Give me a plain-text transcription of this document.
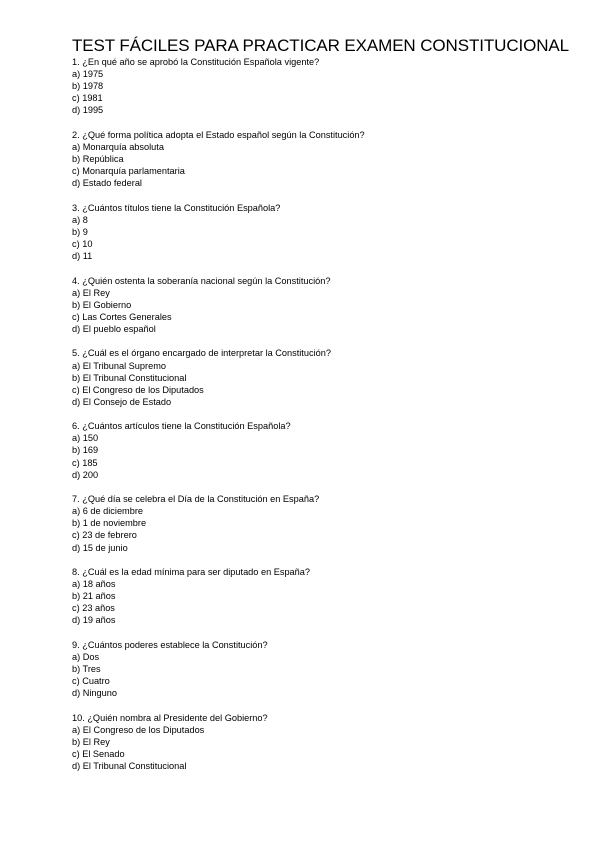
TEST FÁCILES PARA PRACTICAR EXAMEN CONSTITUCIONAL
1. ¿En qué año se aprobó la Constitución Española vigente?
a) 1975
b) 1978
c) 1981
d) 1995
2. ¿Qué forma política adopta el Estado español según la Constitución?
a) Monarquía absoluta
b) República
c) Monarquía parlamentaria
d) Estado federal
3. ¿Cuántos títulos tiene la Constitución Española?
a) 8
b) 9
c) 10
d) 11
4. ¿Quién ostenta la soberanía nacional según la Constitución?
a) El Rey
b) El Gobierno
c) Las Cortes Generales
d) El pueblo español
5. ¿Cuál es el órgano encargado de interpretar la Constitución?
a) El Tribunal Supremo
b) El Tribunal Constitucional
c) El Congreso de los Diputados
d) El Consejo de Estado
6. ¿Cuántos artículos tiene la Constitución Española?
a) 150
b) 169
c) 185
d) 200
7. ¿Qué día se celebra el Día de la Constitución en España?
a) 6 de diciembre
b) 1 de noviembre
c) 23 de febrero
d) 15 de junio
8. ¿Cuál es la edad mínima para ser diputado en España?
a) 18 años
b) 21 años
c) 23 años
d) 19 años
9. ¿Cuántos poderes establece la Constitución?
a) Dos
b) Tres
c) Cuatro
d) Ninguno
10. ¿Quién nombra al Presidente del Gobierno?
a) El Congreso de los Diputados
b) El Rey
c) El Senado
d) El Tribunal Constitucional
